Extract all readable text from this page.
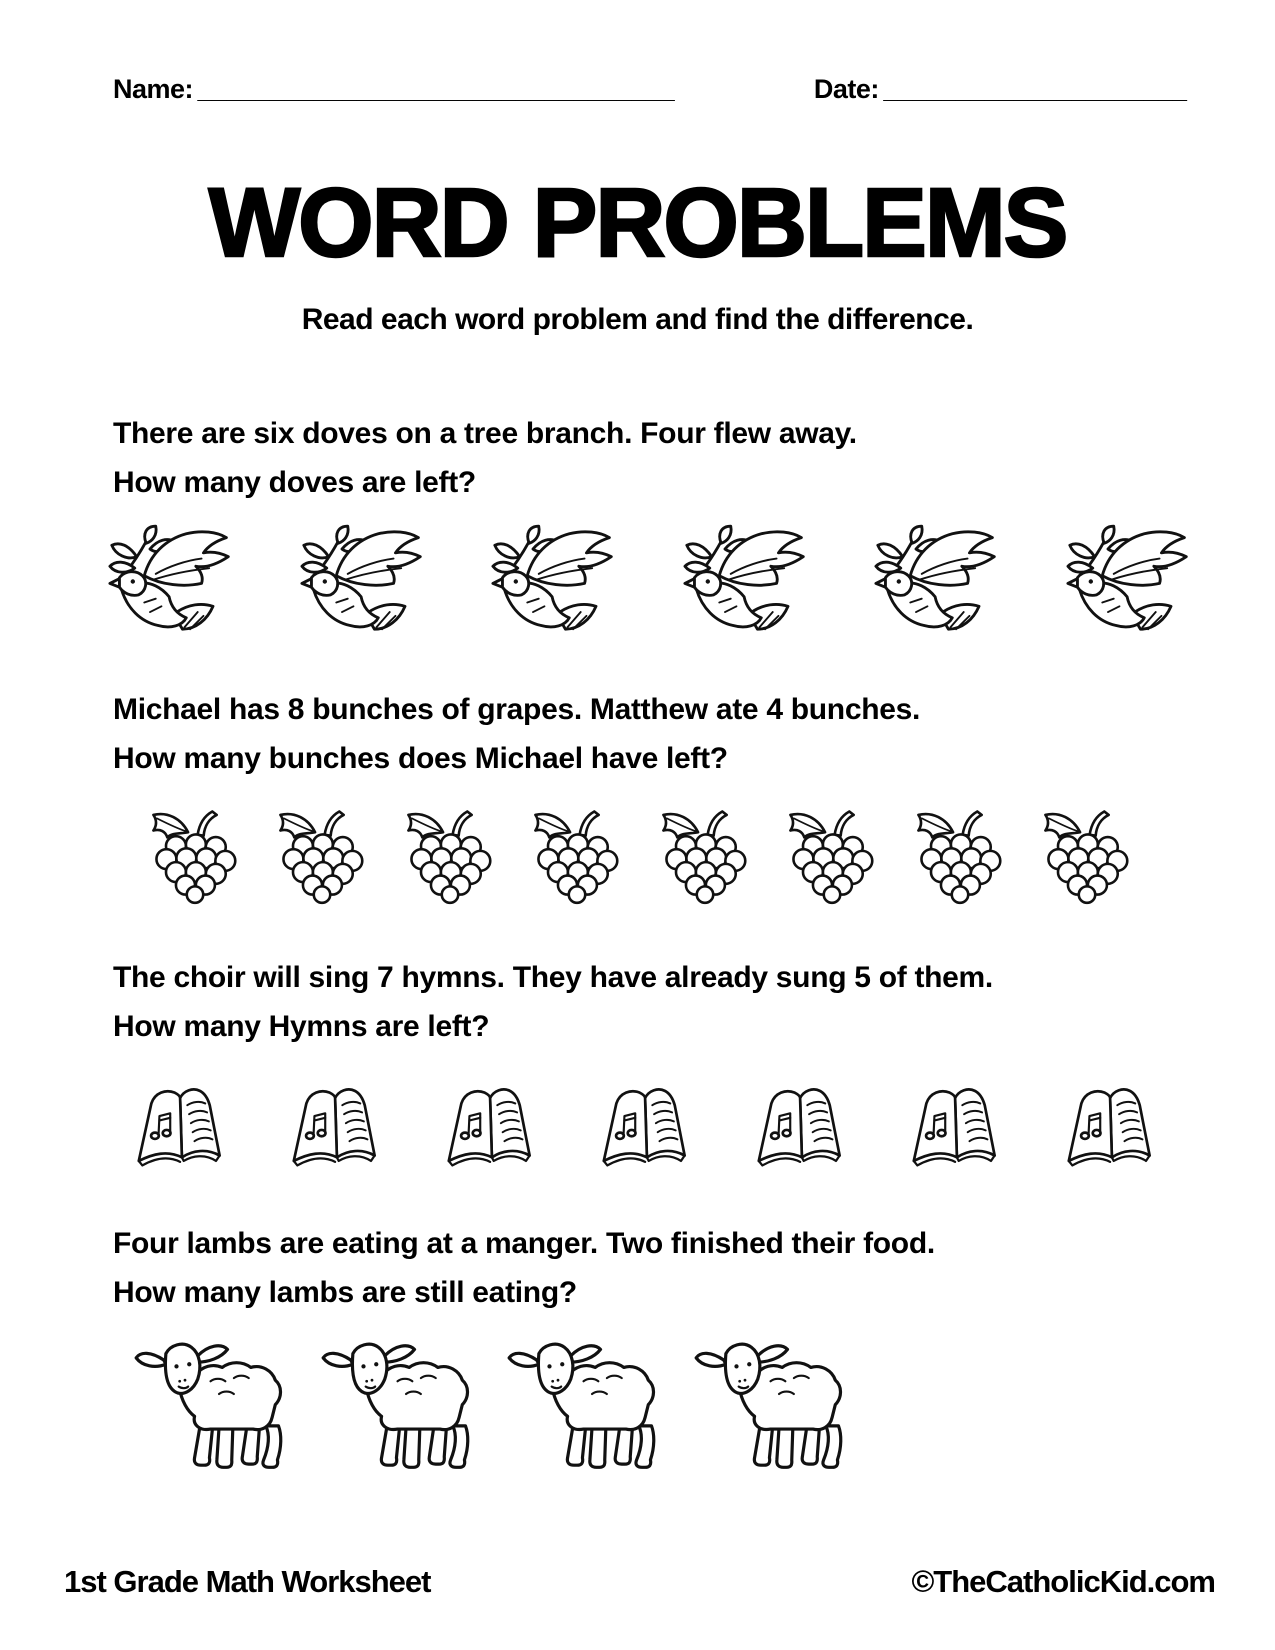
Name: _________________________________	Date: _____________________
WORD PROBLEMS

Read each word problem and find the difference.

There are six doves on a tree branch. Four flew away.
How many doves are left?

Michael has 8 bunches of grapes. Matthew ate 4 bunches.
How many bunches does Michael have left?

The choir will sing 7 hymns. They have already sung 5 of them.
How many Hymns are left?

Four lambs are eating at a manger. Two finished their food.
How many lambs are still eating?

1st Grade Math Worksheet	©TheCatholicKid.com
